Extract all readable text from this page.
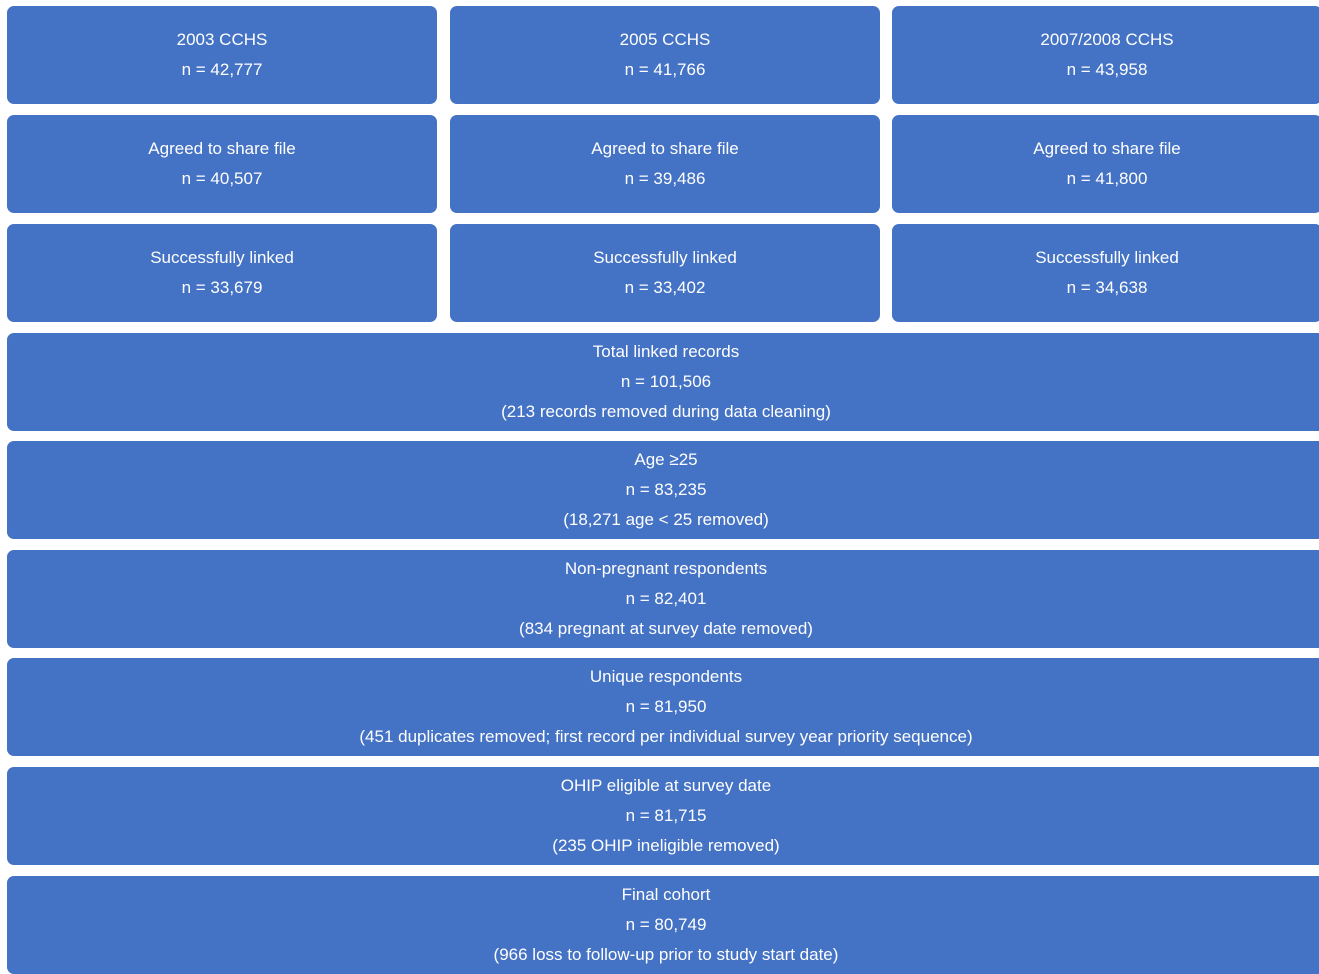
2003 CCHS
n = 42,777
2005 CCHS
n = 41,766
2007/2008 CCHS
n = 43,958
Agreed to share file
n = 40,507
Agreed to share file
n = 39,486
Agreed to share file
n = 41,800
Successfully linked
n = 33,679
Successfully linked
n = 33,402
Successfully linked
n = 34,638
Total linked records
n = 101,506
(213 records removed during data cleaning)
Age ≥25
n = 83,235
(18,271 age < 25 removed)
Non-pregnant respondents
n = 82,401
(834 pregnant at survey date removed)
Unique respondents
n = 81,950
(451 duplicates removed; first record per individual survey year priority sequence)
OHIP eligible at survey date
n = 81,715
(235 OHIP ineligible removed)
Final cohort
n = 80,749
(966 loss to follow-up prior to study start date)
